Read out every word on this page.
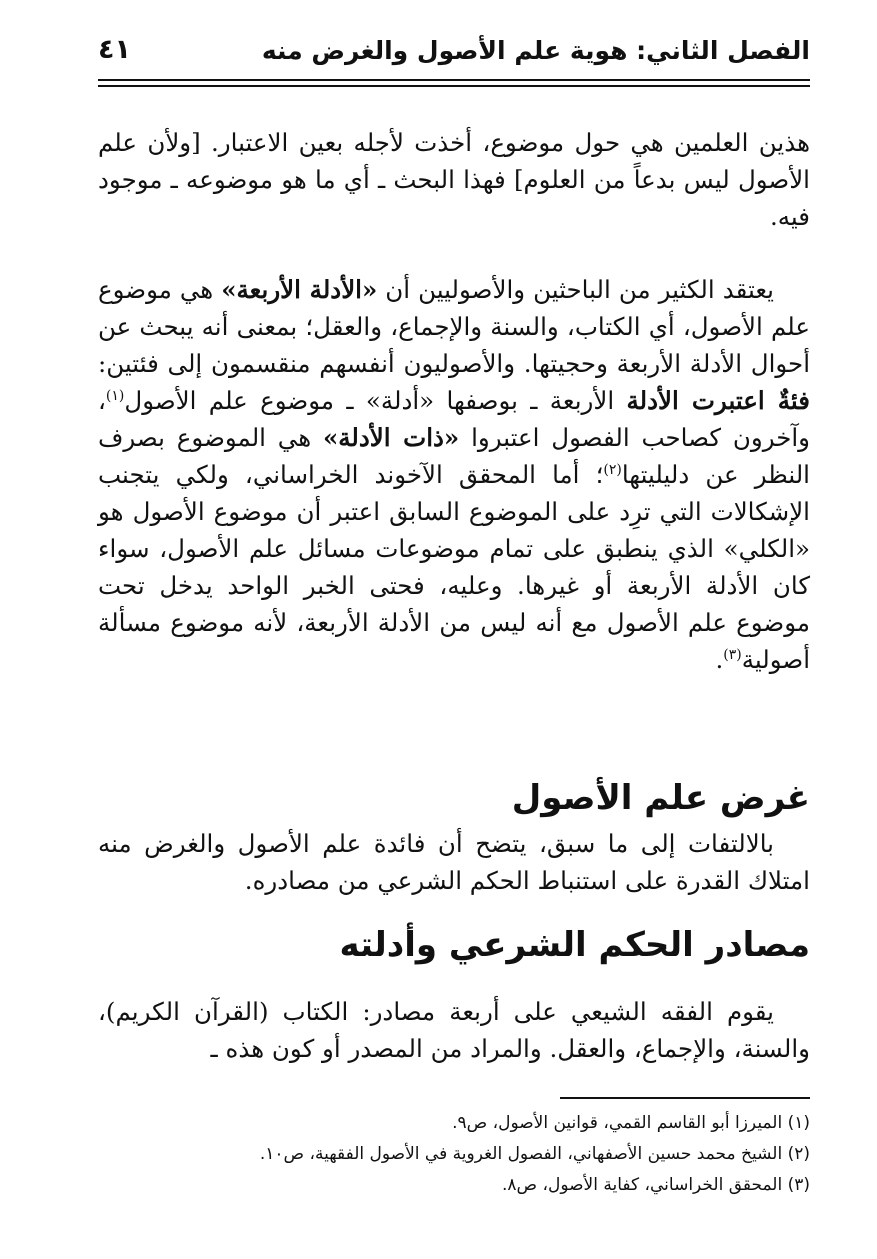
الفصل الثاني: هوية علم الأصول والغرض منه
٤١
هذين العلمين هي حول موضوع، أخذت لأجله بعين الاعتبار. [ولأن علم الأصول ليس بدعاً من العلوم] فهذا البحث ـ أي ما هو موضوعه ـ موجود فيه.
يعتقد الكثير من الباحثين والأصوليين أن «الأدلة الأربعة» هي موضوع علم الأصول، أي الكتاب، والسنة والإجماع، والعقل؛ بمعنى أنه يبحث عن أحوال الأدلة الأربعة وحجيتها. والأصوليون أنفسهم منقسمون إلى فئتين: فئةٌ اعتبرت الأدلة الأربعة ـ بوصفها «أدلة» ـ موضوع علم الأصول$^{(١)}$، وآخرون كصاحب الفصول اعتبروا «ذات الأدلة» هي الموضوع بصرف النظر عن دليليتها$^{(٢)}$؛ أما المحقق الآخوند الخراساني، ولكي يتجنب الإشكالات التي ترِد على الموضوع السابق اعتبر أن موضوع الأصول هو «الكلي» الذي ينطبق على تمام موضوعات مسائل علم الأصول، سواء كان الأدلة الأربعة أو غيرها. وعليه، فحتى الخبر الواحد يدخل تحت موضوع علم الأصول مع أنه ليس من الأدلة الأربعة، لأنه موضوع مسألة أصولية$^{(٣)}$.
غرض علم الأصول
بالالتفات إلى ما سبق، يتضح أن فائدة علم الأصول والغرض منه امتلاك القدرة على استنباط الحكم الشرعي من مصادره.
مصادر الحكم الشرعي وأدلته
يقوم الفقه الشيعي على أربعة مصادر: الكتاب (القرآن الكريم)، والسنة، والإجماع، والعقل. والمراد من المصدر أو كون هذه ـ
(١) الميرزا أبو القاسم القمي، قوانين الأصول، ص٩.
(٢) الشيخ محمد حسين الأصفهاني، الفصول الغروية في الأصول الفقهية، ص١٠.
(٣) المحقق الخراساني، كفاية الأصول، ص٨.
